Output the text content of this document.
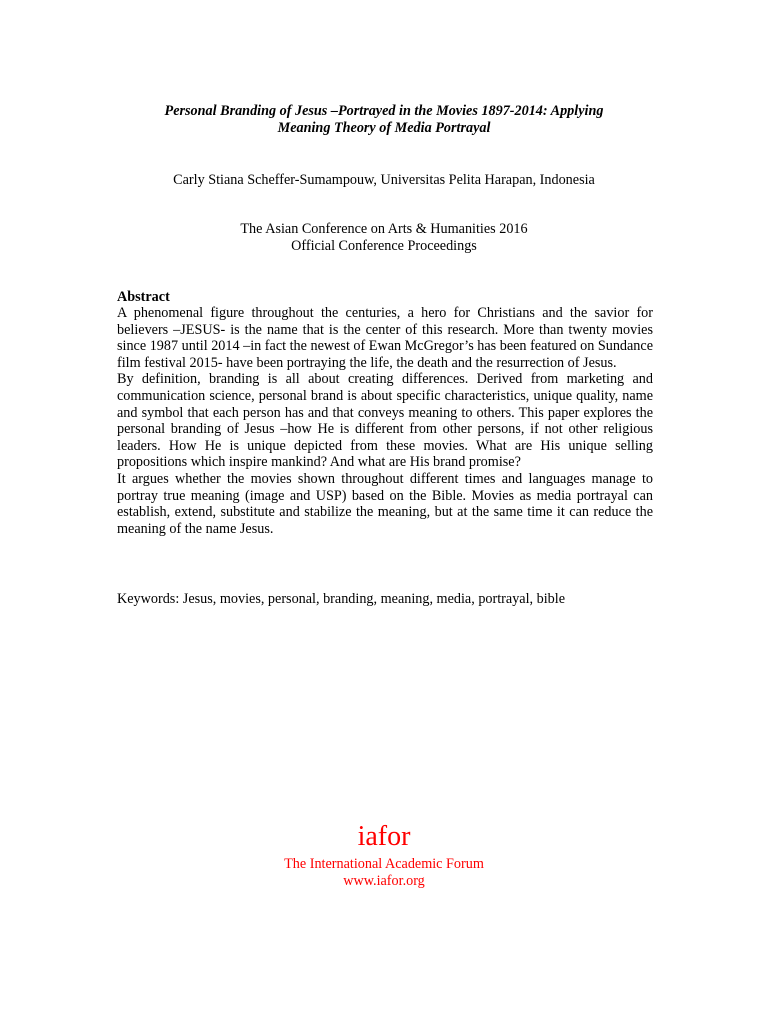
Personal Branding of Jesus –Portrayed in the Movies 1897-2014: Applying
Meaning Theory of Media Portrayal
Carly Stiana Scheffer-Sumampouw, Universitas Pelita Harapan, Indonesia
The Asian Conference on Arts & Humanities 2016
Official Conference Proceedings
Abstract

A phenomenal figure throughout the centuries, a hero for Christians and the savior for believers –JESUS- is the name that is the center of this research. More than twenty movies since 1987 until 2014 –in fact the newest of Ewan McGregor’s has been featured on Sundance film festival 2015- have been portraying the life, the death and the resurrection of Jesus.

By definition, branding is all about creating differences. Derived from marketing and communication science, personal brand is about specific characteristics, unique quality, name and symbol that each person has and that conveys meaning to others. This paper explores the personal branding of Jesus –how He is different from other persons, if not other religious leaders. How He is unique depicted from these movies. What are His unique selling propositions which inspire mankind? And what are His brand promise?

It argues whether the movies shown throughout different times and languages manage to portray true meaning (image and USP) based on the Bible. Movies as media portrayal can establish, extend, substitute and stabilize the meaning, but at the same time it can reduce the meaning of the name Jesus.

Keywords: Jesus, movies, personal, branding, meaning, media, portrayal, bible
iafor
The International Academic Forum
www.iafor.org
